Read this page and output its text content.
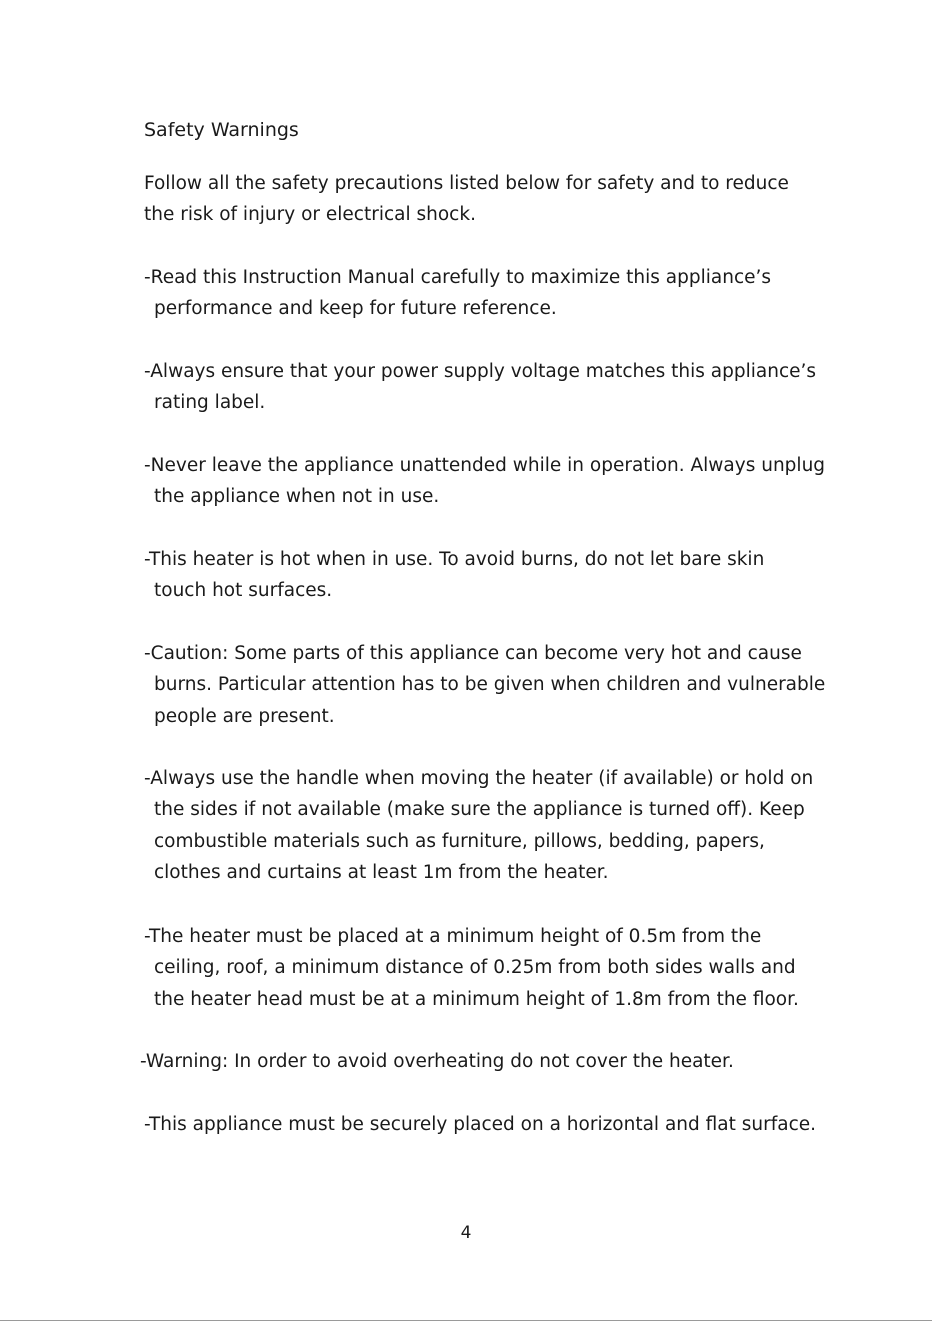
Safety Warnings
Follow all the safety precautions listed below for safety and to reduce
the risk of injury or electrical shock.
-Read this Instruction Manual carefully to maximize this appliance’s
performance and keep for future reference.
-Always ensure that your power supply voltage matches this appliance’s
rating label.
-Never leave the appliance unattended while in operation. Always unplug
the appliance when not in use.
-This heater is hot when in use. To avoid burns, do not let bare skin
touch hot surfaces.
-Caution: Some parts of this appliance can become very hot and cause
burns. Particular attention has to be given when children and vulnerable
people are present.
-Always use the handle when moving the heater (if available) or hold on
the sides if not available (make sure the appliance is turned off). Keep
combustible materials such as furniture, pillows, bedding, papers,
clothes and curtains at least 1m from the heater.
-The heater must be placed at a minimum height of 0.5m from the
ceiling, roof, a minimum distance of 0.25m from both sides walls and
the heater head must be at a minimum height of 1.8m from the floor.
-Warning: In order to avoid overheating do not cover the heater.
-This appliance must be securely placed on a horizontal and flat surface.
4
